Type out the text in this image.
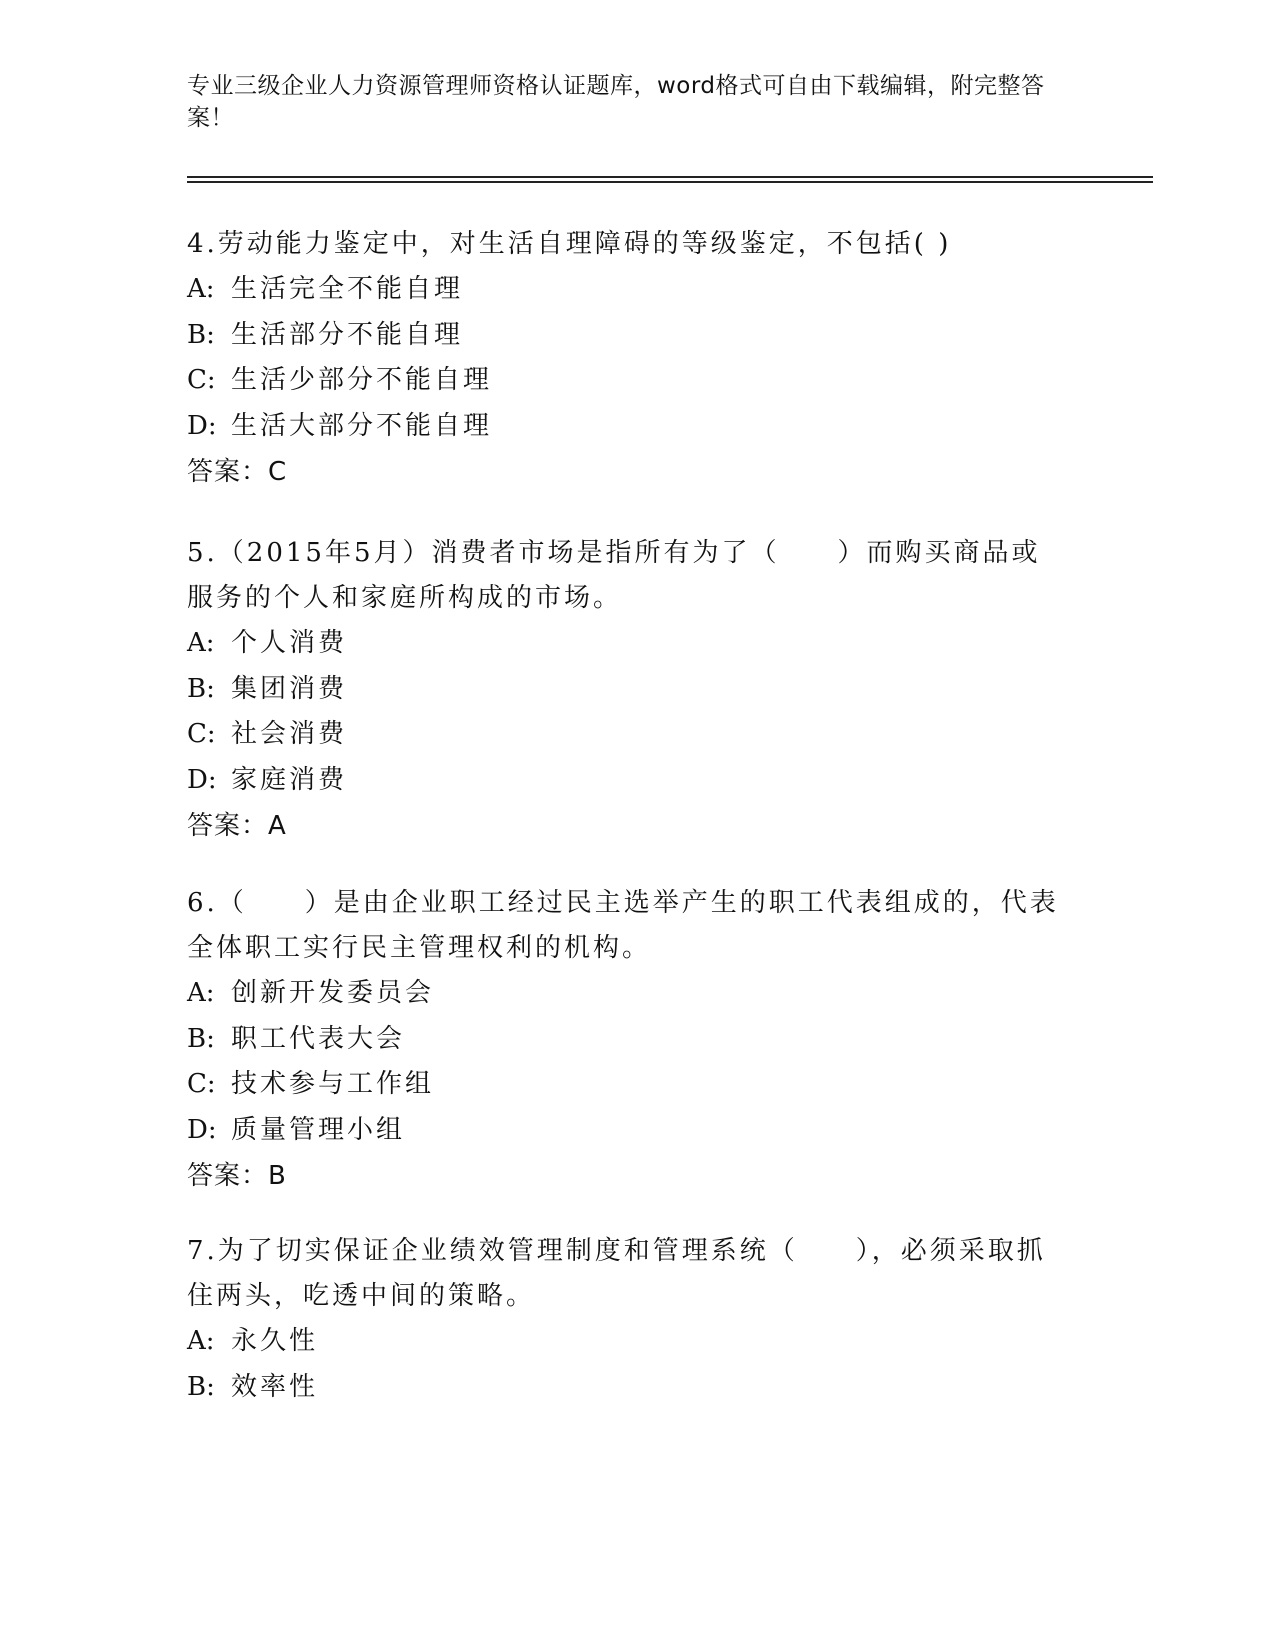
专业三级企业人力资源管理师资格认证题库，word格式可自由下载编辑，附完整答案！
4.劳动能力鉴定中，对生活自理障碍的等级鉴定，不包括( )
A: 生活完全不能自理
B: 生活部分不能自理
C: 生活少部分不能自理
D: 生活大部分不能自理
答案：C
5.（2015年5月）消费者市场是指所有为了（　　）而购买商品或服务的个人和家庭所构成的市场。
A: 个人消费
B: 集团消费
C: 社会消费
D: 家庭消费
答案：A
6.（　　）是由企业职工经过民主选举产生的职工代表组成的，代表全体职工实行民主管理权利的机构。
A: 创新开发委员会
B: 职工代表大会
C: 技术参与工作组
D: 质量管理小组
答案：B
7.为了切实保证企业绩效管理制度和管理系统（　　），必须采取抓住两头，吃透中间的策略。
A: 永久性
B: 效率性
